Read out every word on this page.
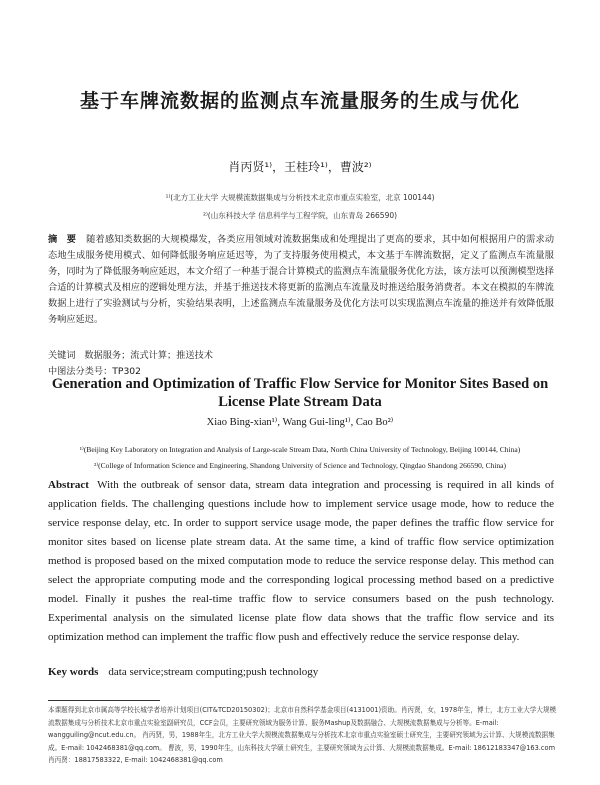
基于车牌流数据的监测点车流量服务的生成与优化
肖丙贤¹⁾，王桂玲¹⁾，曹波²⁾
¹⁾(北方工业大学 大规模流数据集成与分析技术北京市重点实验室，北京 100144)
²⁾(山东科技大学 信息科学与工程学院，山东青岛 266590)
摘　要 随着感知类数据的大规模爆发，各类应用领域对流数据集成和处理提出了更高的要求，其中如何根据用户的需求动态地生成服务使用模式、如何降低服务响应延迟等，为了支持服务使用模式，本文基于车牌流数据，定义了监测点车流量服务，同时为了降低服务响应延迟，本文介绍了一种基于混合计算模式的监测点车流量服务优化方法，该方法可以预测模型选择合适的计算模式及相应的逻辑处理方法，并基于推送技术将更新的监测点车流量及时推送给服务消费者。本文在模拟的车牌流数据上进行了实验测试与分析，实验结果表明，上述监测点车流量服务及优化方法可以实现监测点车流量的推送并有效降低服务响应延迟。
关键词 数据服务；流式计算；推送技术
中图法分类号：TP302
Generation and Optimization of Traffic Flow Service for Monitor Sites Based on License Plate Stream Data
Xiao Bing-xian¹⁾, Wang Gui-ling¹⁾, Cao Bo²⁾
¹⁾(Beijing Key Laboratory on Integration and Analysis of Large-scale Stream Data, North China University of Technology, Beijing 100144, China)
²⁾(College of Information Science and Engineering, Shandong University of Science and Technology, Qingdao Shandong 266590, China)
Abstract With the outbreak of sensor data, stream data integration and processing is required in all kinds of application fields. The challenging questions include how to implement service usage mode, how to reduce the service response delay, etc. In order to support service usage mode, the paper defines the traffic flow service for monitor sites based on license plate stream data. At the same time, a kind of traffic flow service optimization method is proposed based on the mixed computation mode to reduce the service response delay. This method can select the appropriate computing mode and the corresponding logical processing method based on a predictive model. Finally it pushes the real-time traffic flow to service consumers based on the push technology. Experimental analysis on the simulated license plate flow data shows that the traffic flow service and its optimization method can implement the traffic flow push and effectively reduce the service response delay.
Key words data service;stream computing;push technology
本课题得到北京市属高等学校长城学者培养计划项目(CIT&TCD20150302)；北京市自然科学基金项目(4131001)资助。肖丙贤，女，1978年生，博士，北方工业大学大规模流数据集成与分析技术北京市重点实验室副研究员，CCF会员，主要研究领域为服务计算、服务Mashup及数据融合、大规模流数据集成与分析等。E-mail: wangguiling@ncut.edu.cn。 肖丙贤，男，1988年生，北方工业大学大规模流数据集成与分析技术北京市重点实验室硕士研究生，主要研究领域为云计算、大规模流数据集成。E-mail: 1042468381@qq.com。 曹波，男，1990年生，山东科技大学硕士研究生，主要研究领域为云计算、大规模流数据集成。E-mail: 18612183347@163.com
肖丙贤：18817583322, E-mail: 1042468381@qq.com
